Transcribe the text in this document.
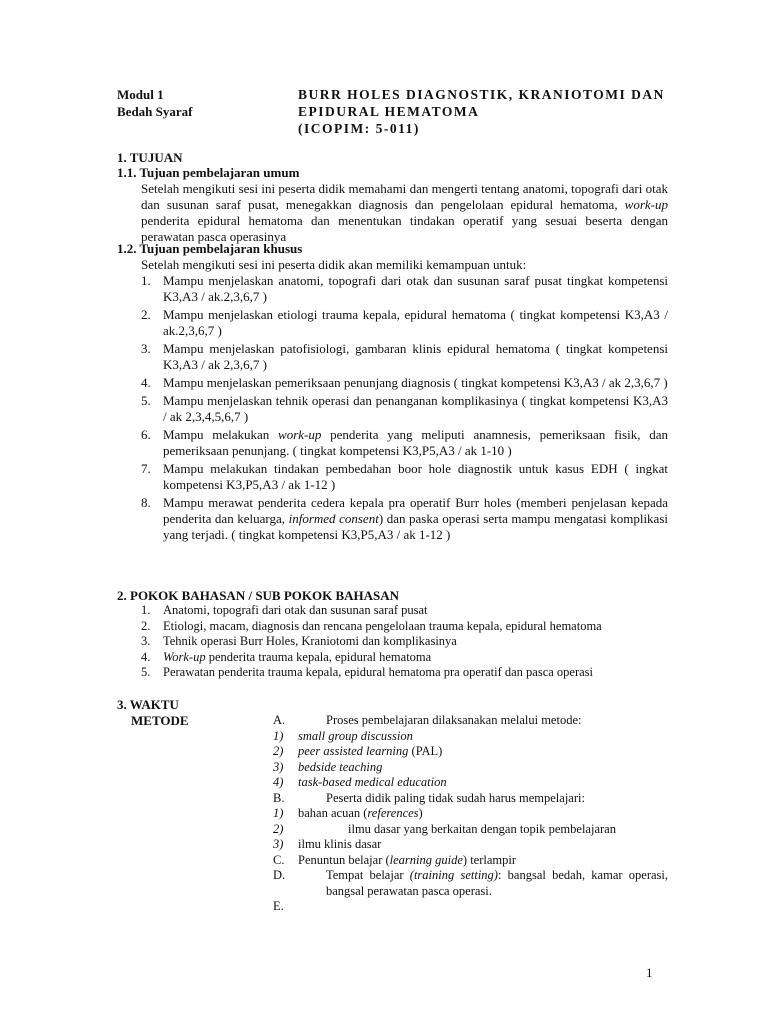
Modul 1
Bedah Syaraf
BURR HOLES DIAGNOSTIK, KRANIOTOMI DAN
EPIDURAL HEMATOMA
(ICOPIM: 5-011)
1. TUJUAN
1.1. Tujuan pembelajaran umum
Setelah mengikuti sesi ini peserta didik memahami dan mengerti tentang anatomi, topografi dari otak dan susunan saraf pusat, menegakkan diagnosis dan pengelolaan epidural hematoma, work-up penderita epidural hematoma dan menentukan tindakan operatif yang sesuai beserta dengan perawatan pasca operasinya
1.2. Tujuan pembelajaran khusus
Setelah mengikuti sesi ini peserta didik akan memiliki kemampuan untuk:
1. Mampu menjelaskan anatomi, topografi dari otak dan susunan saraf pusat tingkat kompetensi K3,A3 / ak.2,3,6,7 )
2. Mampu menjelaskan etiologi trauma kepala, epidural hematoma ( tingkat kompetensi K3,A3 / ak.2,3,6,7 )
3. Mampu menjelaskan patofisiologi, gambaran klinis epidural hematoma ( tingkat kompetensi K3,A3 / ak 2,3,6,7 )
4. Mampu menjelaskan pemeriksaan penunjang diagnosis ( tingkat kompetensi K3,A3 / ak 2,3,6,7 )
5. Mampu menjelaskan tehnik operasi dan penanganan komplikasinya ( tingkat kompetensi K3,A3 / ak 2,3,4,5,6,7 )
6. Mampu melakukan work-up penderita yang meliputi anamnesis, pemeriksaan fisik, dan pemeriksaan penunjang. ( tingkat kompetensi K3,P5,A3 / ak 1-10 )
7. Mampu melakukan tindakan pembedahan boor hole diagnostik untuk kasus EDH ( ingkat kompetensi K3,P5,A3 / ak 1-12 )
8. Mampu merawat penderita cedera kepala pra operatif Burr holes (memberi penjelasan kepada penderita dan keluarga, informed consent) dan paska operasi serta mampu mengatasi komplikasi yang terjadi. ( tingkat kompetensi K3,P5,A3 / ak 1-12 )
2. POKOK BAHASAN / SUB POKOK BAHASAN
1.	Anatomi, topografi dari otak dan susunan saraf pusat
2.	Etiologi, macam, diagnosis dan rencana pengelolaan trauma kepala, epidural hematoma
3.	Tehnik operasi Burr Holes, Kraniotomi dan komplikasinya
4.	Work-up penderita trauma kepala, epidural hematoma
5.	Perawatan penderita trauma kepala, epidural hematoma pra operatif dan pasca operasi
3. WAKTU
METODE	A.	Proses pembelajaran dilaksanakan melalui metode:
1)	small group discussion
2)	peer assisted learning (PAL)
3)	bedside teaching
4)	task-based medical education
B.	Peserta didik paling tidak sudah harus mempelajari:
1)	bahan acuan (references)
2)	ilmu dasar yang berkaitan dengan topik pembelajaran
3)	ilmu klinis dasar
C.	Penuntun belajar (learning guide) terlampir
D.	Tempat belajar (training setting): bangsal bedah, kamar operasi, bangsal perawatan pasca operasi.
E.
1
